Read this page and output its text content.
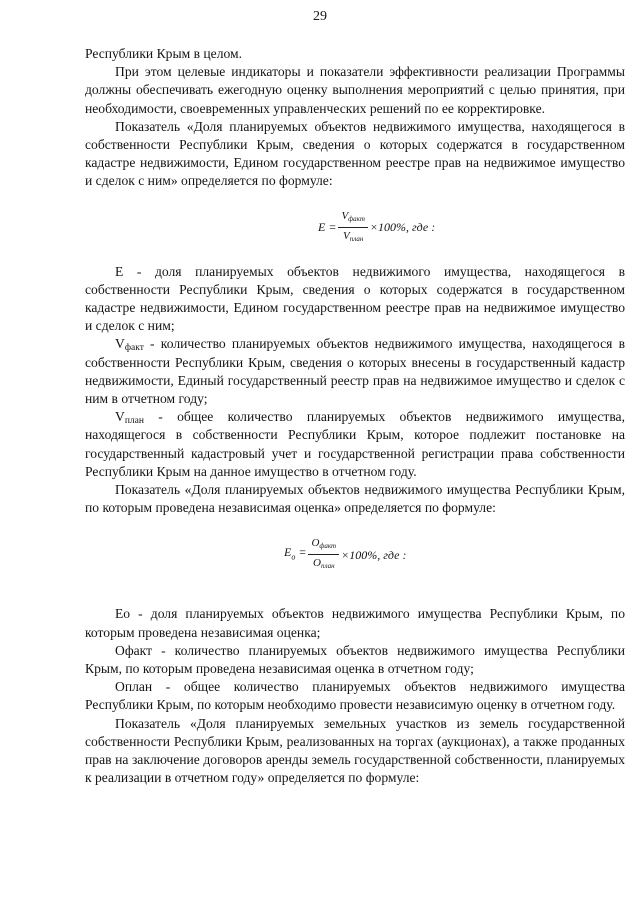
29

Республики Крым в целом.

При этом целевые индикаторы и показатели эффективности реализации Программы должны обеспечивать ежегодную оценку выполнения мероприятий с целью принятия, при необходимости, своевременных управленческих решений по ее корректировке.

Показатель «Доля планируемых объектов недвижимого имущества, находящегося в собственности Республики Крым, сведения о которых содержатся в государственном кадастре недвижимости, Едином государственном реестре прав на недвижимое имущество и сделок с ним» определяется по формуле:

$E = \frac{V_{факт}}{V_{план}} \times 100\%$, где :

E - доля планируемых объектов недвижимого имущества, находящегося в собственности Республики Крым, сведения о которых содержатся в государственном кадастре недвижимости, Едином государственном реестре прав на недвижимое имущество и сделок с ним;

$V_{факт}$ - количество планируемых объектов недвижимого имущества, находящегося в собственности Республики Крым, сведения о которых внесены в государственный кадастр недвижимости, Единый государственный реестр прав на недвижимое имущество и сделок с ним в отчетном году;

$V_{план}$ - общее количество планируемых объектов недвижимого имущества, находящегося в собственности Республики Крым, которое подлежит постановке на государственный кадастровый учет и государственной регистрации права собственности Республики Крым на данное имущество в отчетном году.

Показатель «Доля планируемых объектов недвижимого имущества Республики Крым, по которым проведена независимая оценка» определяется по формуле:

$E_о = \frac{O_{факт}}{O_{план}} \times 100\%$, где :

Eо - доля планируемых объектов недвижимого имущества Республики Крым, по которым проведена независимая оценка;

Oфакт - количество планируемых объектов недвижимого имущества Республики Крым, по которым проведена независимая оценка в отчетном году;

Oплан - общее количество планируемых объектов недвижимого имущества Республики Крым, по которым необходимо провести независимую оценку в отчетном году.

Показатель «Доля планируемых земельных участков из земель государственной собственности Республики Крым, реализованных на торгах (аукционах), а также проданных прав на заключение договоров аренды земель государственной собственности, планируемых к реализации в отчетном году» определяется по формуле:
